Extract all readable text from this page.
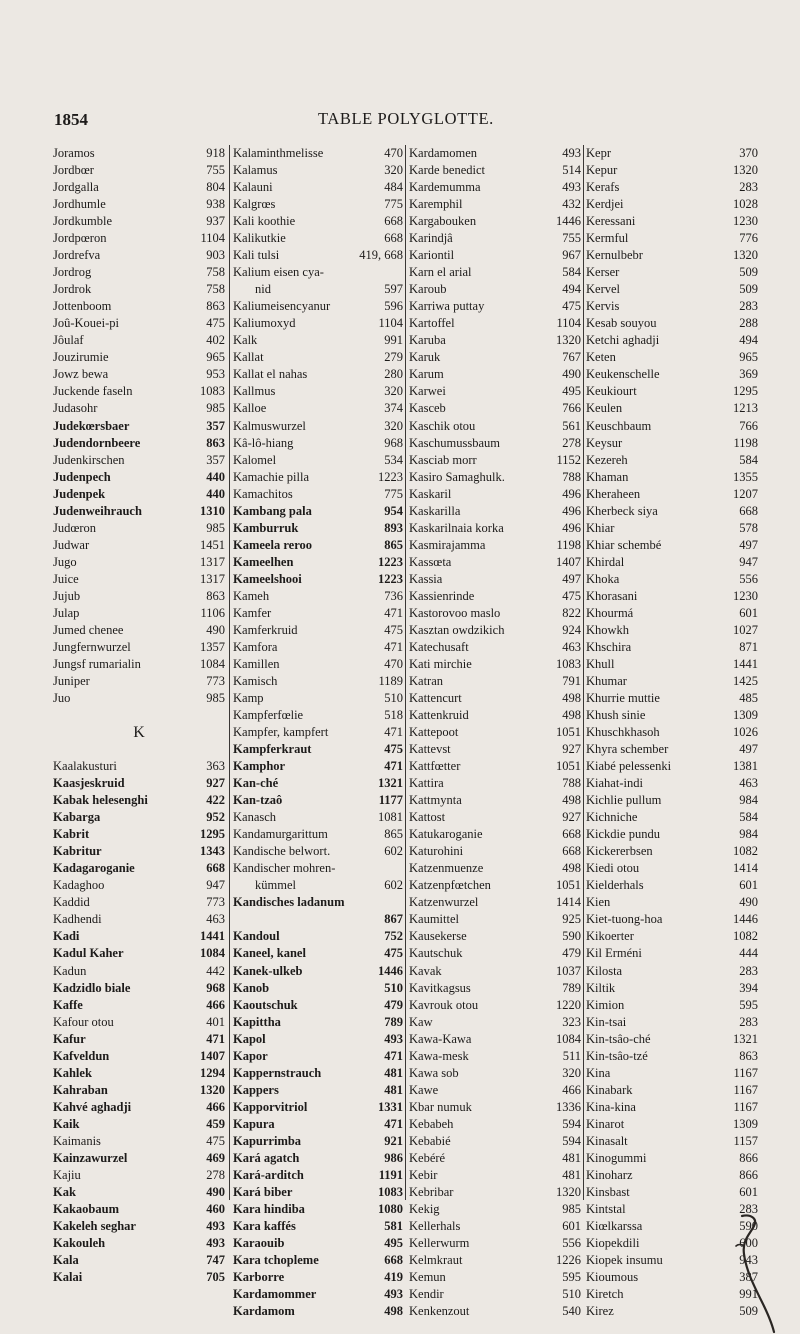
1854	TABLE POLYGLOTTE.
Joramos	918
Jordbœr	755
Jordgalla	804
Jordhumle	938
Jordkumble	937
Jordpœron	1104
Jordrefva	903
Jordrog	758
Jordrok	758
Jottenboom	863
Joû-Kouei-pi	475
Jôulaf	402
Jouzirumie	965
Jowz bewa	953
Juckende faseln	1083
Judasohr	985
Judekœrsbaer	357
Judendornbeere	863
Judenkirschen	357
Judenpech	440
Judenpek	440
Judenweihrauch	1310
Judœron	985
Judwar	1451
Jugo	1317
Juice	1317
Jujub	863
Julap	1106
Jumed chenee	490
Jungfernwurzel	1357
Jungsf rumarialin	1084
Juniper	773
Juo	985
K
Kaalakusturi	363
Kaasjeskruid	927
Kabak helesenghi	422
Kabarga	952
Kabrit	1295
Kabritur	1343
Kadagaroganie	668
Kadaghoo	947
Kaddid	773
Kadhendi	463
Kadi	1441
Kadul Kaher	1084
Kadun	442
Kadzidlo biale	968
Kaffe	466
Kafour otou	401
Kafur	471
Kafveldun	1407
Kahlek	1294
Kahraban	1320
Kahvé aghadji	466
Kaik	459
Kaimanis	475
Kainzawurzel	469
Kajiu	278
Kak	490
Kakaobaum	460
Kakeleh seghar	493
Kakouleh	493
Kala	747
Kalai	705
Kalaminthmelisse	470
Kalamus	320
Kalauni	484
Kalgrœs	775
Kali koothie	668
Kalikutkie	668
Kali tulsi	419, 668
Kalium eisen cya-
nid	597
Kaliumeisencyanur	596
Kaliumoxyd	1104
Kalk	991
Kallat	279
Kallat el nahas	280
Kallmus	320
Kalloe	374
Kalmuswurzel	320
Kâ-lô-hiang	968
Kalomel	534
Kamachie pilla	1223
Kamachitos	775
Kambang pala	954
Kamburruk	893
Kameela reroo	865
Kameelhen	1223
Kameelshooi	1223
Kameh	736
Kamfer	471
Kamferkruid	475
Kamfora	471
Kamillen	470
Kamisch	1189
Kamp	510
Kampferfœlie	518
Kampfer, kampfert	471
Kampferkraut	475
Kamphor	471
Kan-ché	1321
Kan-tzaô	1177
Kanasch	1081
Kandamurgarittum	865
Kandische belwort.	602
Kandischer mohren-
kümmel	602
Kandisches ladanum
867
Kandoul	752
Kaneel, kanel	475
Kanek-ulkeb	1446
Kanob	510
Kaoutschuk	479
Kapittha	789
Kapol	493
Kapor	471
Kappernstrauch	481
Kappers	481
Kapporvitriol	1331
Kapura	471
Kapurrimba	921
Kará agatch	986
Kará-arditch	1191
Kará biber	1083
Kara hindiba	1080
Kara kaffés	581
Karaouib	495
Kara tchopleme	668
Karborre	419
Kardamommer	493
Kardamom	498
Kardamomen	493
Karde benedict	514
Kardemumma	493
Karemphil	432
Kargabouken	1446
Karindjâ	755
Kariontil	967
Karn el arial	584
Karoub	494
Karriwa puttay	475
Kartoffel	1104
Karuba	1320
Karuk	767
Karum	490
Karwei	495
Kasceb	766
Kaschik otou	561
Kaschumussbaum	278
Kasciab morr	1152
Kasiro Samaghulk.	788
Kaskaril	496
Kaskarilla	496
Kaskarilnaia korka	496
Kasmirajamma	1198
Kassœta	1407
Kassia	497
Kassienrinde	475
Kastorovoo maslo	822
Kasztan owdzikich	924
Katechusaft	463
Kati mirchie	1083
Katran	791
Kattencurt	498
Kattenkruid	498
Kattepoot	1051
Kattevst	927
Kattfœtter	1051
Kattira	788
Kattmynta	498
Kattost	927
Katukaroganie	668
Katurohini	668
Katzenmuenze	498
Katzenpfœtchen	1051
Katzenwurzel	1414
Kaumittel	925
Kausekerse	590
Kautschuk	479
Kavak	1037
Kavitkagsus	789
Kavrouk otou	1220
Kaw	323
Kawa-Kawa	1084
Kawa-mesk	511
Kawa sob	320
Kawe	466
Kbar numuk	1336
Kebabeh	594
Kebabié	594
Kebéré	481
Kebir	481
Kebribar	1320
Kekig	985
Kellerhals	601
Kellerwurm	556
Kelmkraut	1226
Kemun	595
Kendir	510
Kenkenzout	540
Kepr	370
Kepur	1320
Kerafs	283
Kerdjei	1028
Keressani	1230
Kermful	776
Kernulbebr	1320
Kerser	509
Kervel	509
Kervis	283
Kesab souyou	288
Ketchi aghadji	494
Keten	965
Keukenschelle	369
Keukiourt	1295
Keulen	1213
Keuschbaum	766
Keysur	1198
Kezereh	584
Khaman	1355
Kheraheen	1207
Kherbeck siya	668
Khiar	578
Khiar schembé	497
Khirdal	947
Khoka	556
Khorasani	1230
Khourmá	601
Khowkh	1027
Khschira	871
Khull	1441
Khumar	1425
Khurrie muttie	485
Khush sinie	1309
Khuschkhasoh	1026
Khyra schember	497
Kiabé pelessenki	1381
Kiahat-indi	463
Kichlie pullum	984
Kichniche	584
Kickdie pundu	984
Kickererbsen	1082
Kiedi otou	1414
Kielderhals	601
Kien	490
Kiet-tuong-hoa	1446
Kikoerter	1082
Kil Erméni	444
Kilosta	283
Kiltik	394
Kimion	595
Kin-tsai	283
Kin-tsâo-ché	1321
Kin-tsâo-tzé	863
Kina	1167
Kinabark	1167
Kina-kina	1167
Kinarot	1309
Kinasalt	1157
Kinogummi	866
Kinoharz	866
Kinsbast	601
Kintstal	283
Kiœlkarssa	590
Kiopekdili	600
Kiopek insumu	943
Kioumous	387
Kiretch	991
Kirez	509
